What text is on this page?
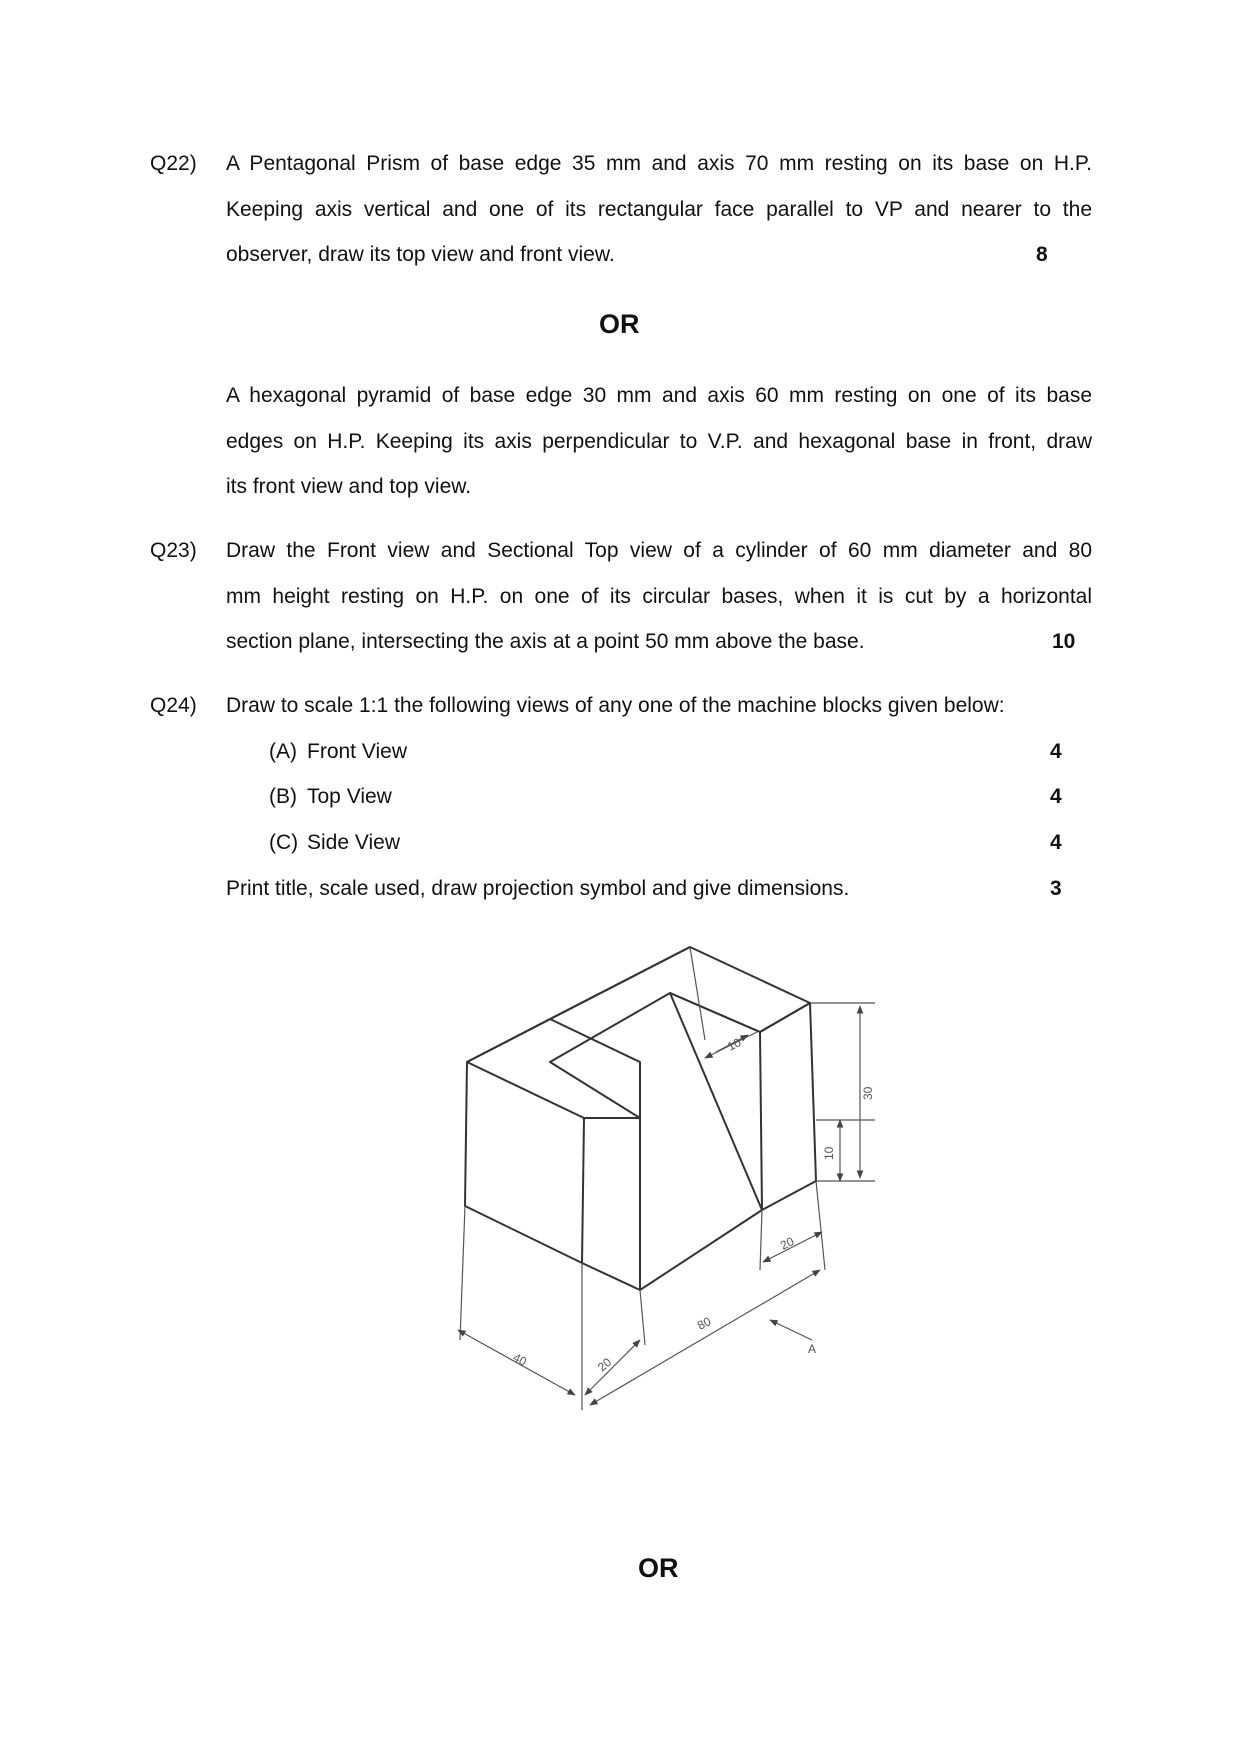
Q22) A Pentagonal Prism of base edge 35 mm and axis 70 mm resting on its base on H.P.
Keeping axis vertical and one of its rectangular face parallel to VP and nearer to the
observer, draw its top view and front view.	8
OR
A hexagonal pyramid of base edge 30 mm and axis 60 mm resting on one of its base
edges on H.P. Keeping its axis perpendicular to V.P. and hexagonal base in front, draw
its front view and top view.
Q23) Draw the Front view and Sectional Top view of a cylinder of 60 mm diameter and 80
mm height resting on H.P. on one of its circular bases, when it is cut by a horizontal
section plane, intersecting the axis at a point 50 mm above the base.	10
Q24) Draw to scale 1:1 the following views of any one of the machine blocks given below:
(A) Front View	4
(B) Top View	4
(C) Side View	4
Print title, scale used, draw projection symbol and give dimensions.	3
10
30
10
20
80
20
40
A
OR
